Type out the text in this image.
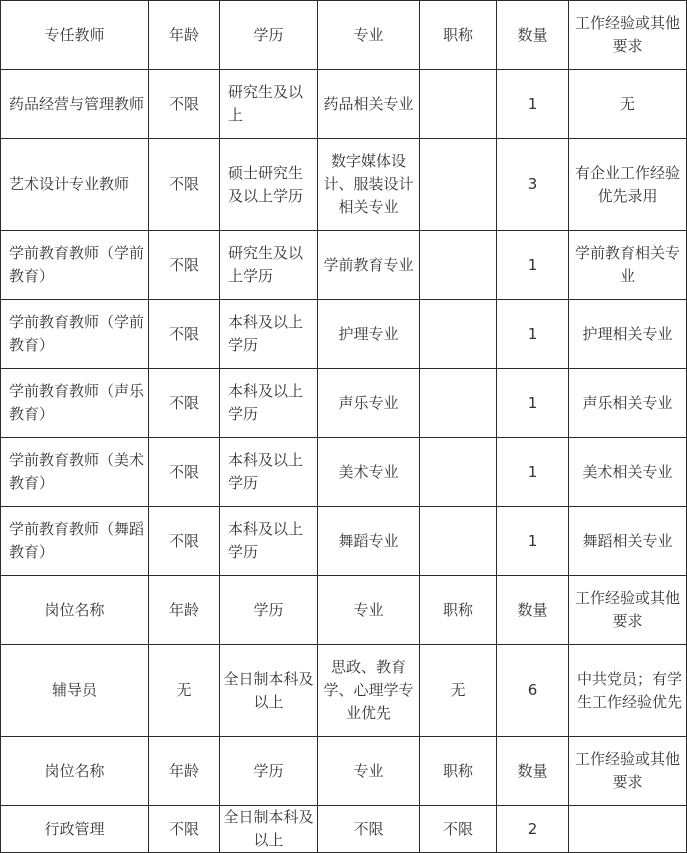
专任教师	年龄	学历	专业	职称	数量	工作经验或其他要求
药品经营与管理教师	不限	研究生及以上	药品相关专业		1	无
艺术设计专业教师	不限	硕士研究生及以上学历	数字媒体设计、服装设计相关专业		3	有企业工作经验优先录用
学前教育教师（学前教育）	不限	研究生及以上学历	学前教育专业		1	学前教育相关专业
学前教育教师（学前教育）	不限	本科及以上学历	护理专业		1	护理相关专业
学前教育教师（声乐教育）	不限	本科及以上学历	声乐专业		1	声乐相关专业
学前教育教师（美术教育）	不限	本科及以上学历	美术专业		1	美术相关专业
学前教育教师（舞蹈教育）	不限	本科及以上学历	舞蹈专业		1	舞蹈相关专业
岗位名称	年龄	学历	专业	职称	数量	工作经验或其他要求
辅导员	无	全日制本科及以上	思政、教育学、心理学专业优先	无	6	中共党员；有学生工作经验优先
岗位名称	年龄	学历	专业	职称	数量	工作经验或其他要求
行政管理	不限	全日制本科及以上	不限	不限	2	
